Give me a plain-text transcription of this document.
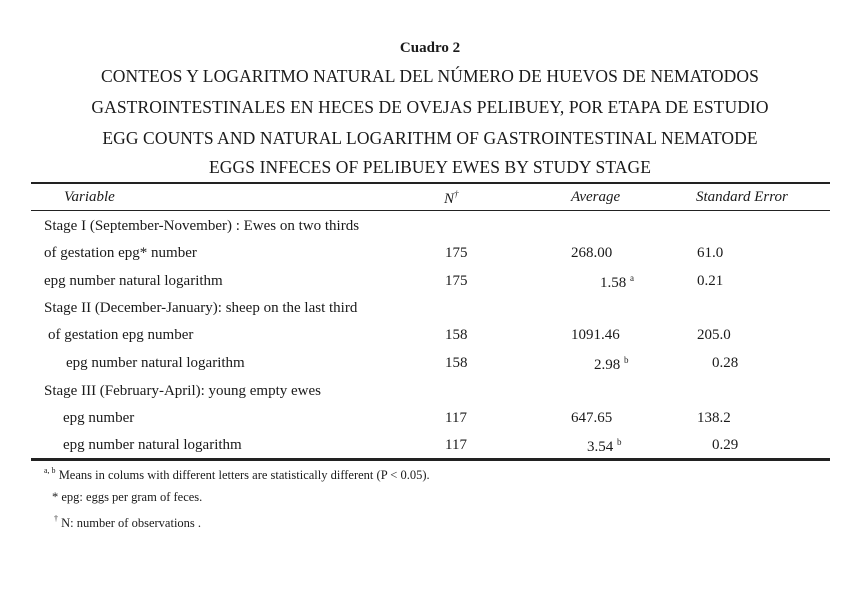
Cuadro 2
CONTEOS Y LOGARITMO NATURAL DEL NÚMERO DE HUEVOS DE NEMATODOS
GASTROINTESTINALES EN HECES DE OVEJAS PELIBUEY, POR ETAPA DE ESTUDIO
EGG COUNTS AND NATURAL LOGARITHM OF GASTROINTESTINAL NEMATODE
EGGS INFECES OF PELIBUEY EWES BY STUDY STAGE
Variable	N†	Average	Standard Error
Stage I (September-November) : Ewes on two thirds
of gestation epg* number	175	268.00	61.0
epg number natural logarithm	175	1.58 $^a$	0.21
Stage II (December-January): sheep on the last third
of gestation epg number	158	1091.46	205.0
epg number natural logarithm	158	2.98 $^b$	0.28
Stage III (February-April): young empty ewes
epg number	117	647.65	138.2
epg number natural logarithm	117	3.54 $^b$	0.29
$^{a, b}$ Means in colums with different letters are statistically different (P < 0.05).
* epg: eggs per gram of feces.
† N: number of observations .
